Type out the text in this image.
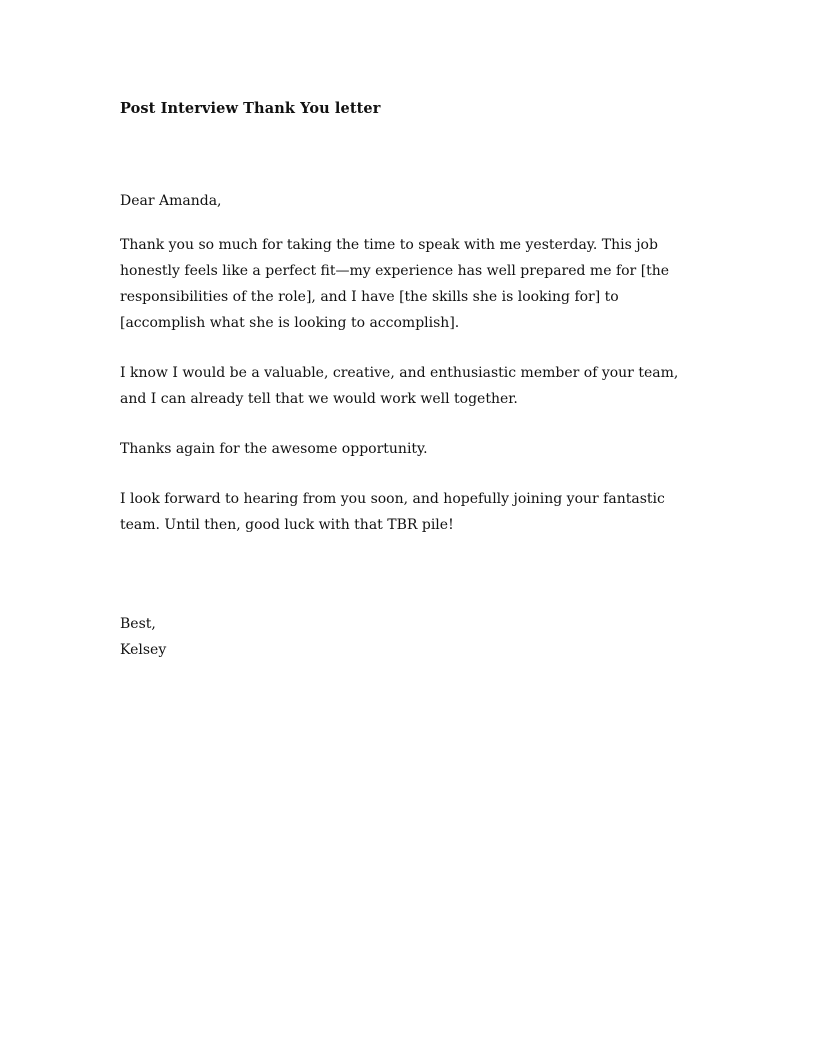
Post Interview Thank You letter
Dear Amanda,
Thank you so much for taking the time to speak with me yesterday. This job
honestly feels like a perfect fit—my experience has well prepared me for [the
responsibilities of the role], and I have [the skills she is looking for] to
[accomplish what she is looking to accomplish].
I know I would be a valuable, creative, and enthusiastic member of your team,
and I can already tell that we would work well together.
Thanks again for the awesome opportunity.
I look forward to hearing from you soon, and hopefully joining your fantastic
team. Until then, good luck with that TBR pile!
Best,
Kelsey
